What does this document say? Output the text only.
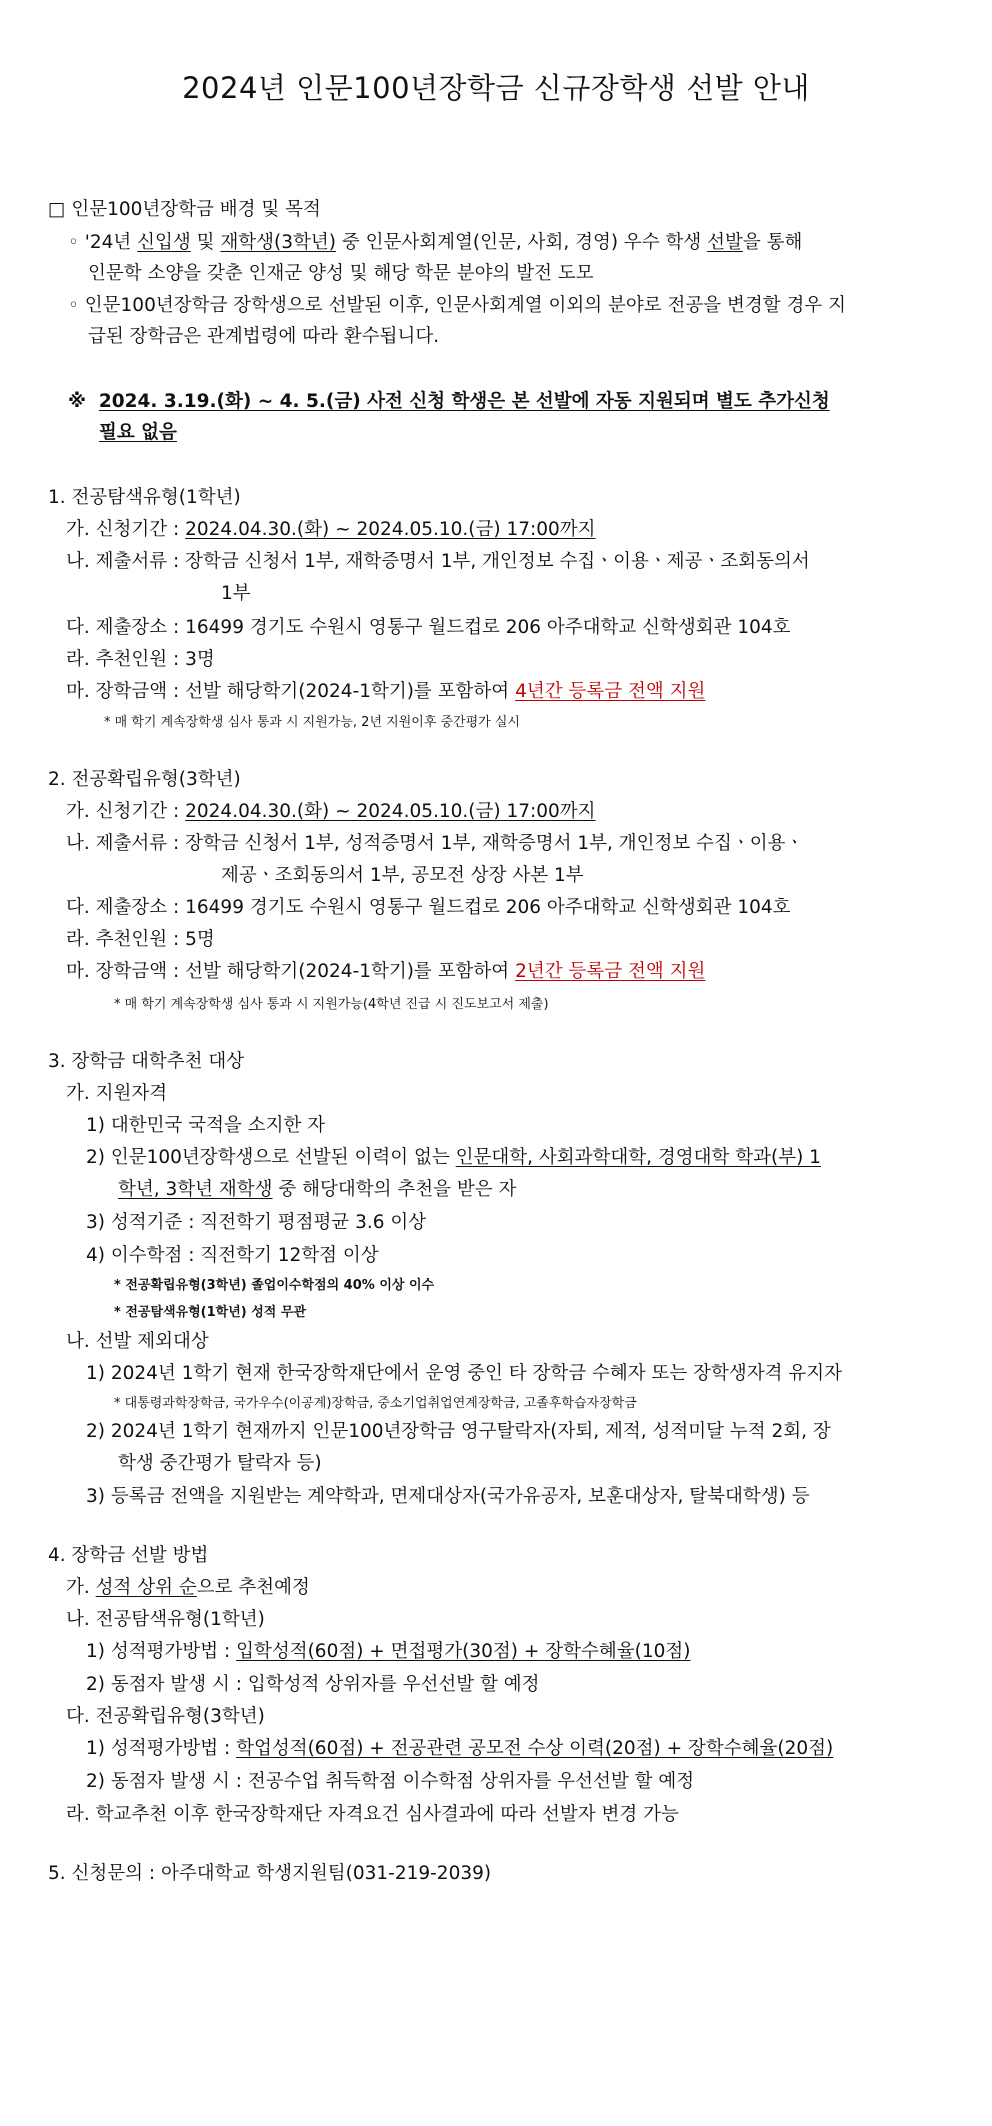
2024년 인문100년장학금 신규장학생 선발 안내
□ 인문100년장학금 배경 및 목적
◦ '24년 신입생 및 재학생(3학년) 중 인문사회계열(인문, 사회, 경영) 우수 학생 선발을 통해
인문학 소양을 갖춘 인재군 양성 및 해당 학문 분야의 발전 도모
◦ 인문100년장학금 장학생으로 선발된 이후, 인문사회계열 이외의 분야로 전공을 변경할 경우 지
급된 장학금은 관계법령에 따라 환수됩니다.
※ 2024. 3.19.(화) ~ 4. 5.(금) 사전 신청 학생은 본 선발에 자동 지원되며 별도 추가신청
필요 없음
1. 전공탐색유형(1학년)
가. 신청기간 : 2024.04.30.(화) ~ 2024.05.10.(금) 17:00까지
나. 제출서류 : 장학금 신청서 1부, 재학증명서 1부, 개인정보 수집ㆍ이용ㆍ제공ㆍ조회동의서
1부
다. 제출장소 : 16499 경기도 수원시 영통구 월드컵로 206 아주대학교 신학생회관 104호
라. 추천인원 : 3명
마. 장학금액 : 선발 해당학기(2024-1학기)를 포함하여 4년간 등록금 전액 지원
* 매 학기 계속장학생 심사 통과 시 지원가능, 2년 지원이후 중간평가 실시
2. 전공확립유형(3학년)
가. 신청기간 : 2024.04.30.(화) ~ 2024.05.10.(금) 17:00까지
나. 제출서류 : 장학금 신청서 1부, 성적증명서 1부, 재학증명서 1부, 개인정보 수집ㆍ이용ㆍ
제공ㆍ조회동의서 1부, 공모전 상장 사본 1부
다. 제출장소 : 16499 경기도 수원시 영통구 월드컵로 206 아주대학교 신학생회관 104호
라. 추천인원 : 5명
마. 장학금액 : 선발 해당학기(2024-1학기)를 포함하여 2년간 등록금 전액 지원
* 매 학기 계속장학생 심사 통과 시 지원가능(4학년 진급 시 진도보고서 제출)
3. 장학금 대학추천 대상
가. 지원자격
1) 대한민국 국적을 소지한 자
2) 인문100년장학생으로 선발된 이력이 없는 인문대학, 사회과학대학, 경영대학 학과(부) 1
학년, 3학년 재학생 중 해당대학의 추천을 받은 자
3) 성적기준 : 직전학기 평점평균 3.6 이상
4) 이수학점 : 직전학기 12학점 이상
* 전공확립유형(3학년) 졸업이수학점의 40% 이상 이수
* 전공탐색유형(1학년) 성적 무관
나. 선발 제외대상
1) 2024년 1학기 현재 한국장학재단에서 운영 중인 타 장학금 수혜자 또는 장학생자격 유지자
* 대통령과학장학금, 국가우수(이공계)장학금, 중소기업취업연계장학금, 고졸후학습자장학금
2) 2024년 1학기 현재까지 인문100년장학금 영구탈락자(자퇴, 제적, 성적미달 누적 2회, 장
학생 중간평가 탈락자 등)
3) 등록금 전액을 지원받는 계약학과, 면제대상자(국가유공자, 보훈대상자, 탈북대학생) 등
4. 장학금 선발 방법
가. 성적 상위 순으로 추천예정
나. 전공탐색유형(1학년)
1) 성적평가방법 : 입학성적(60점) + 면접평가(30점) + 장학수혜율(10점)
2) 동점자 발생 시 : 입학성적 상위자를 우선선발 할 예정
다. 전공확립유형(3학년)
1) 성적평가방법 : 학업성적(60점) + 전공관련 공모전 수상 이력(20점) + 장학수혜율(20점)
2) 동점자 발생 시 : 전공수업 취득학점 이수학점 상위자를 우선선발 할 예정
라. 학교추천 이후 한국장학재단 자격요건 심사결과에 따라 선발자 변경 가능
5. 신청문의 : 아주대학교 학생지원팀(031-219-2039)
